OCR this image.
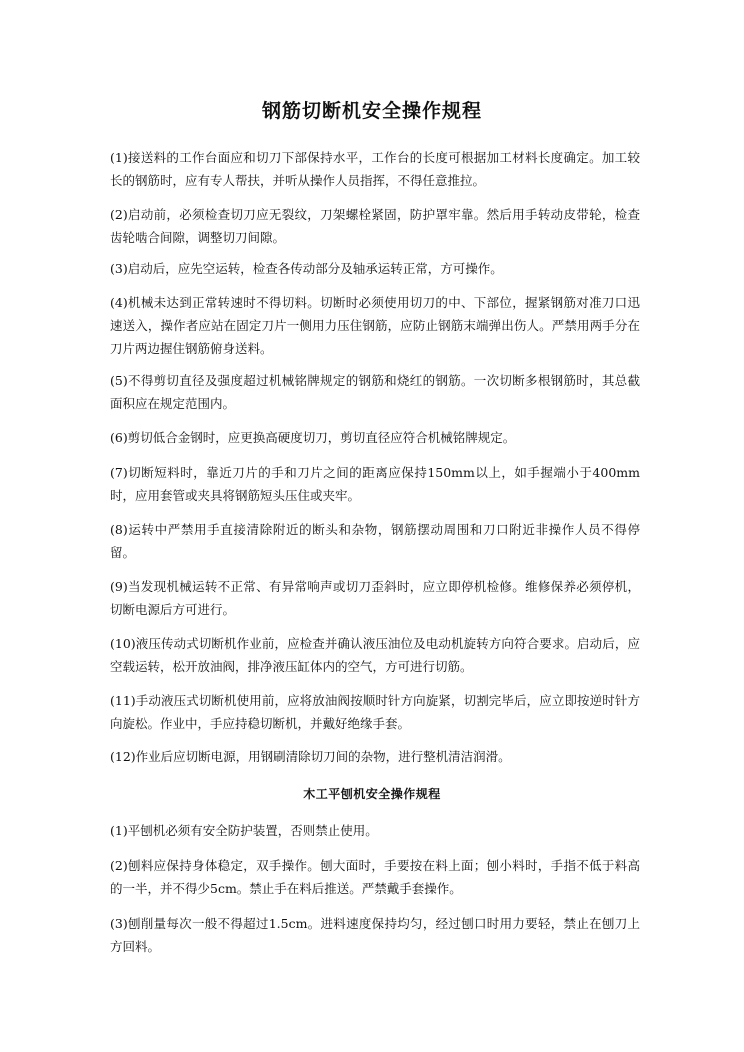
钢筋切断机安全操作规程

(1)接送料的工作台面应和切刀下部保持水平，工作台的长度可根据加工材料长度确定。加工较长的钢筋时，应有专人帮扶，并听从操作人员指挥，不得任意推拉。

(2)启动前，必须检查切刀应无裂纹，刀架螺栓紧固，防护罩牢靠。然后用手转动皮带轮，检查齿轮啮合间隙，调整切刀间隙。

(3)启动后，应先空运转，检查各传动部分及轴承运转正常，方可操作。

(4)机械未达到正常转速时不得切料。切断时必须使用切刀的中、下部位，握紧钢筋对准刀口迅速送入，操作者应站在固定刀片一侧用力压住钢筋，应防止钢筋末端弹出伤人。严禁用两手分在刀片两边握住钢筋俯身送料。

(5)不得剪切直径及强度超过机械铭牌规定的钢筋和烧红的钢筋。一次切断多根钢筋时，其总截面积应在规定范围内。

(6)剪切低合金钢时，应更换高硬度切刀，剪切直径应符合机械铭牌规定。

(7)切断短料时，靠近刀片的手和刀片之间的距离应保持150mm以上，如手握端小于400mm时，应用套管或夹具将钢筋短头压住或夹牢。

(8)运转中严禁用手直接清除附近的断头和杂物，钢筋摆动周围和刀口附近非操作人员不得停留。

(9)当发现机械运转不正常、有异常响声或切刀歪斜时，应立即停机检修。维修保养必须停机，切断电源后方可进行。

(10)液压传动式切断机作业前，应检查并确认液压油位及电动机旋转方向符合要求。启动后，应空载运转，松开放油阀，排净液压缸体内的空气，方可进行切筋。

(11)手动液压式切断机使用前，应将放油阀按顺时针方向旋紧，切割完毕后，应立即按逆时针方向旋松。作业中，手应持稳切断机，并戴好绝缘手套。

(12)作业后应切断电源，用钢刷清除切刀间的杂物，进行整机清洁润滑。

木工平刨机安全操作规程

(1)平刨机必须有安全防护装置，否则禁止使用。

(2)刨料应保持身体稳定，双手操作。刨大面时，手要按在料上面；刨小料时，手指不低于料高的一半，并不得少5cm。禁止手在料后推送。严禁戴手套操作。

(3)刨削量每次一般不得超过1.5cm。进料速度保持均匀，经过刨口时用力要轻，禁止在刨刀上方回料。
